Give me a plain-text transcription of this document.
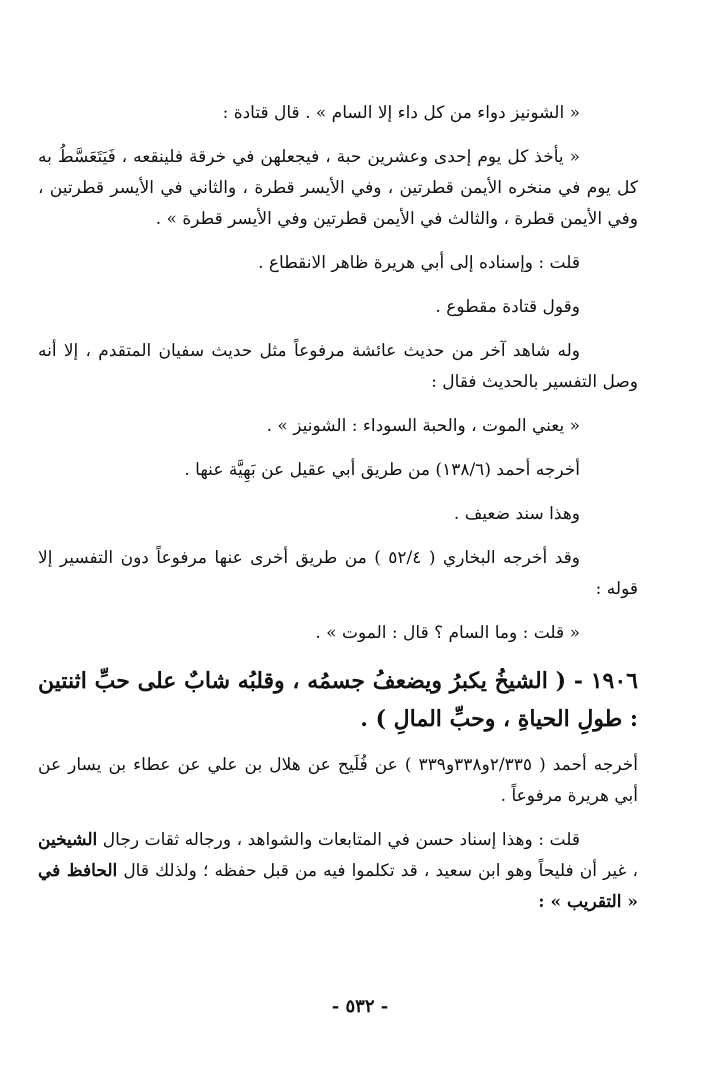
« الشونيز دواء من كل داء إلا السام » . قال قتادة :

« يأخذ كل يوم إحدى وعشرين حبة ، فيجعلهن في خرقة فلينقعه ، فَيَتَعَسَّطُ به كل يوم في منخره الأيمن قطرتين ، وفي الأيسر قطرة ، والثاني في الأيسر قطرتين ، وفي الأيمن قطرة ، والثالث في الأيمن قطرتين وفي الأيسر قطرة » .

قلت : وإسناده إلى أبي هريرة ظاهر الانقطاع .

وقول قتادة مقطوع .

وله شاهد آخر من حديث عائشة مرفوعاً مثل حديث سفيان المتقدم ، إلا أنه وصل التفسير بالحديث فقال :

« يعني الموت ، والحبة السوداء : الشونيز » .

أخرجه أحمد (١٣٨/٦) من طريق أبي عقيل عن بَهِيَّة عنها .

وهذا سند ضعيف .

وقد أخرجه البخاري ( ٥٢/٤ ) من طريق أخرى عنها مرفوعاً دون التفسير إلا قوله :

« قلت : وما السام ؟ قال : الموت » .

١٩٠٦ - ( الشيخُ يكبرُ ويضعفُ جسمُه ، وقلبُه شابٌ على حبِّ اثنتين : طولِ الحياةِ ، وحبِّ المالِ ) .

أخرجه أحمد ( ٢/٣٣٥و٣٣٨و٣٣٩ ) عن فُلَيح عن هلال بن علي عن عطاء بن يسار عن أبي هريرة مرفوعاً .

قلت : وهذا إسناد حسن في المتابعات والشواهد ، ورجاله ثقات رجال الشيخين ، غير أن فليحاً وهو ابن سعيد ، قد تكلموا فيه من قبل حفظه ؛ ولذلك قال الحافظ في « التقريب » :

- ٥٣٢ -
